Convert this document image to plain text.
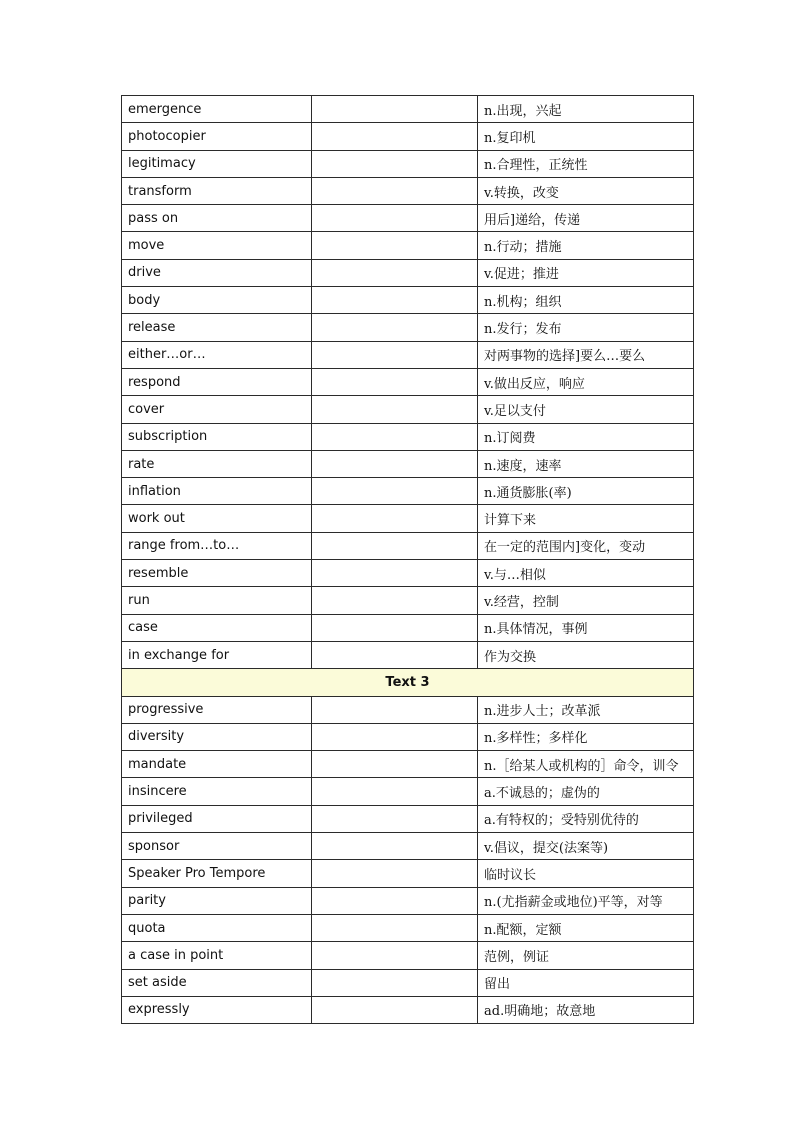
emergence		n.出现，兴起
photocopier		n.复印机
legitimacy		n.合理性，正统性
transform		v.转换，改变
pass on		用后]递给，传递
move		n.行动；措施
drive		v.促进；推进
body		n.机构；组织
release		n.发行；发布
either…or…		对两事物的选择]要么…要么
respond		v.做出反应，响应
cover		v.足以支付
subscription		n.订阅费
rate		n.速度，速率
inflation		n.通货膨胀(率)
work out		计算下来
range from…to…		在一定的范围内]变化，变动
resemble		v.与…相似
run		v.经营，控制
case		n.具体情况，事例
in exchange for		作为交换
Text 3		
progressive		n.进步人士；改革派
diversity		n.多样性；多样化
mandate		n.［给某人或机构的］命令，训令
insincere		a.不诚恳的；虚伪的
privileged		a.有特权的；受特别优待的
sponsor		v.倡议，提交(法案等)
Speaker Pro Tempore		临时议长
parity		n.(尤指薪金或地位)平等，对等
quota		n.配额，定额
a case in point		范例，例证
set aside		留出
expressly		ad.明确地；故意地
